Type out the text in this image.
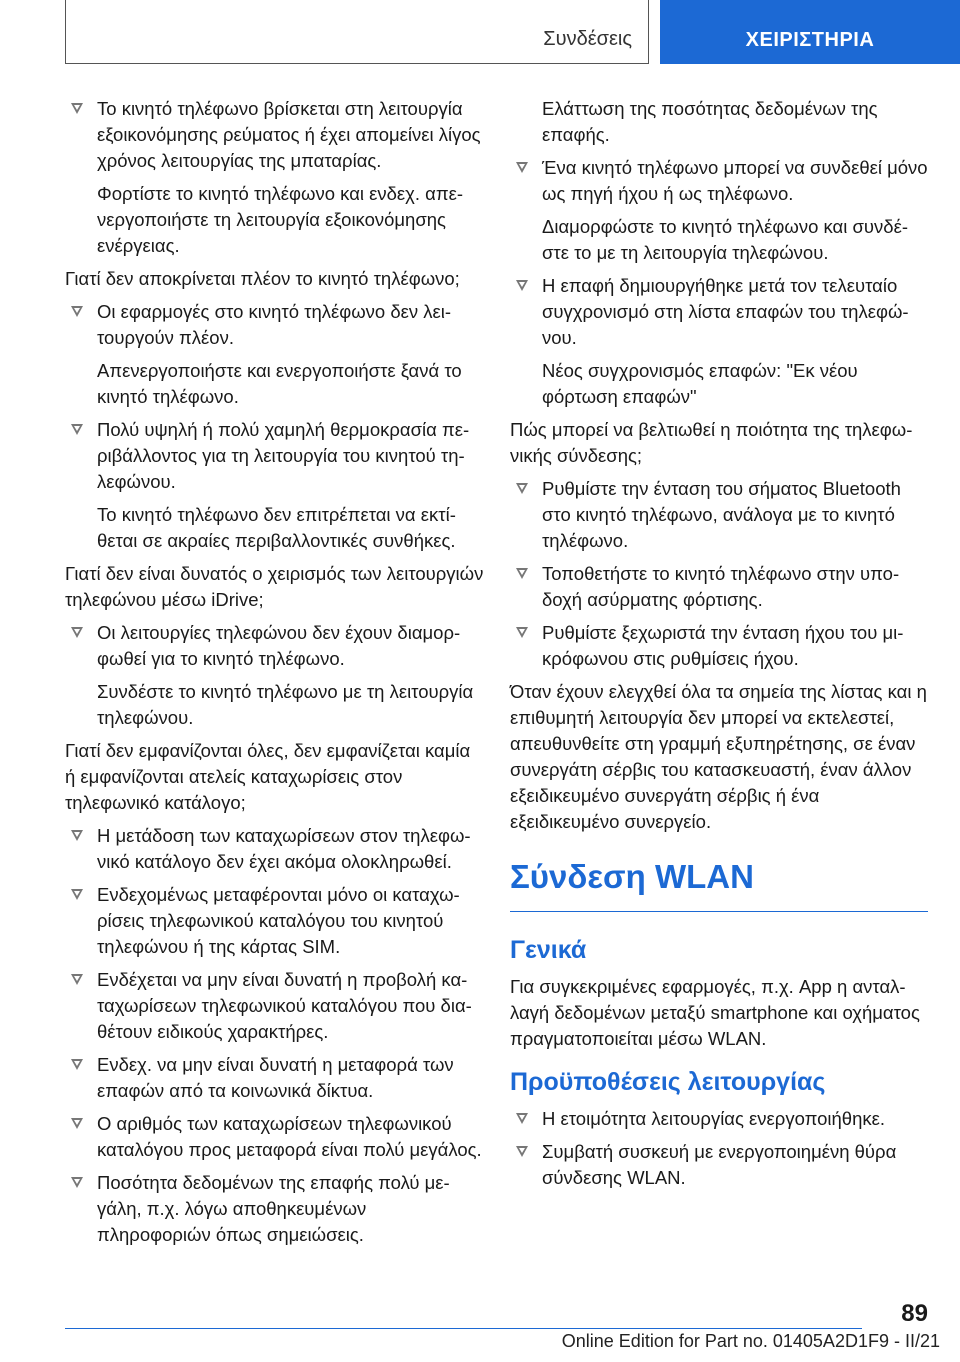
Συνδέσεις	ΧΕΙΡΙΣΤΗΡΙΑ
Το κινητό τηλέφωνο βρίσκεται στη λειτουργία εξοικονόμησης ρεύματος ή έχει απομείνει λίγος χρόνος λειτουργίας της μπαταρίας.
Φορτίστε το κινητό τηλέφωνο και ενδεχ. απενεργοποιήστε τη λειτουργία εξοικονόμησης ενέργειας.
Γιατί δεν αποκρίνεται πλέον το κινητό τηλέφωνο;
Οι εφαρμογές στο κινητό τηλέφωνο δεν λειτουργούν πλέον.
Απενεργοποιήστε και ενεργοποιήστε ξανά το κινητό τηλέφωνο.
Πολύ υψηλή ή πολύ χαμηλή θερμοκρασία περιβάλλοντος για τη λειτουργία του κινητού τηλεφώνου.
Το κινητό τηλέφωνο δεν επιτρέπεται να εκτίθεται σε ακραίες περιβαλλοντικές συνθήκες.
Γιατί δεν είναι δυνατός ο χειρισμός των λειτουργιών τηλεφώνου μέσω iDrive;
Οι λειτουργίες τηλεφώνου δεν έχουν διαμορφωθεί για το κινητό τηλέφωνο.
Συνδέστε το κινητό τηλέφωνο με τη λειτουργία τηλεφώνου.
Γιατί δεν εμφανίζονται όλες, δεν εμφανίζεται καμία ή εμφανίζονται ατελείς καταχωρίσεις στον τηλεφωνικό κατάλογο;
Η μετάδοση των καταχωρίσεων στον τηλεφωνικό κατάλογο δεν έχει ακόμα ολοκληρωθεί.
Ενδεχομένως μεταφέρονται μόνο οι καταχωρίσεις τηλεφωνικού καταλόγου του κινητού τηλεφώνου ή της κάρτας SIM.
Ενδέχεται να μην είναι δυνατή η προβολή καταχωρίσεων τηλεφωνικού καταλόγου που διαθέτουν ειδικούς χαρακτήρες.
Ενδεχ. να μην είναι δυνατή η μεταφορά των επαφών από τα κοινωνικά δίκτυα.
Ο αριθμός των καταχωρίσεων τηλεφωνικού καταλόγου προς μεταφορά είναι πολύ μεγάλος.
Ποσότητα δεδομένων της επαφής πολύ μεγάλη, π.χ. λόγω αποθηκευμένων πληροφοριών όπως σημειώσεις.
Ελάττωση της ποσότητας δεδομένων της επαφής.
Ένα κινητό τηλέφωνο μπορεί να συνδεθεί μόνο ως πηγή ήχου ή ως τηλέφωνο.
Διαμορφώστε το κινητό τηλέφωνο και συνδέστε το με τη λειτουργία τηλεφώνου.
Η επαφή δημιουργήθηκε μετά τον τελευταίο συγχρονισμό στη λίστα επαφών του τηλεφώνου.
Νέος συγχρονισμός επαφών: "Εκ νέου φόρτωση επαφών"
Πώς μπορεί να βελτιωθεί η ποιότητα της τηλεφωνικής σύνδεσης;
Ρυθμίστε την ένταση του σήματος Bluetooth στο κινητό τηλέφωνο, ανάλογα με το κινητό τηλέφωνο.
Τοποθετήστε το κινητό τηλέφωνο στην υποδοχή ασύρματης φόρτισης.
Ρυθμίστε ξεχωριστά την ένταση ήχου του μικρόφωνου στις ρυθμίσεις ήχου.
Όταν έχουν ελεγχθεί όλα τα σημεία της λίστας και η επιθυμητή λειτουργία δεν μπορεί να εκτελεστεί, απευθυνθείτε στη γραμμή εξυπηρέτησης, σε έναν συνεργάτη σέρβις του κατασκευαστή, έναν άλλον εξειδικευμένο συνεργάτη σέρβις ή ένα εξειδικευμένο συνεργείο.
Σύνδεση WLAN
Γενικά
Για συγκεκριμένες εφαρμογές, π.χ. App η ανταλλαγή δεδομένων μεταξύ smartphone και οχήματος πραγματοποιείται μέσω WLAN.
Προϋποθέσεις λειτουργίας
Η ετοιμότητα λειτουργίας ενεργοποιήθηκε.
Συμβατή συσκευή με ενεργοποιημένη θύρα σύνδεσης WLAN.
89
Online Edition for Part no. 01405A2D1F9 - II/21
